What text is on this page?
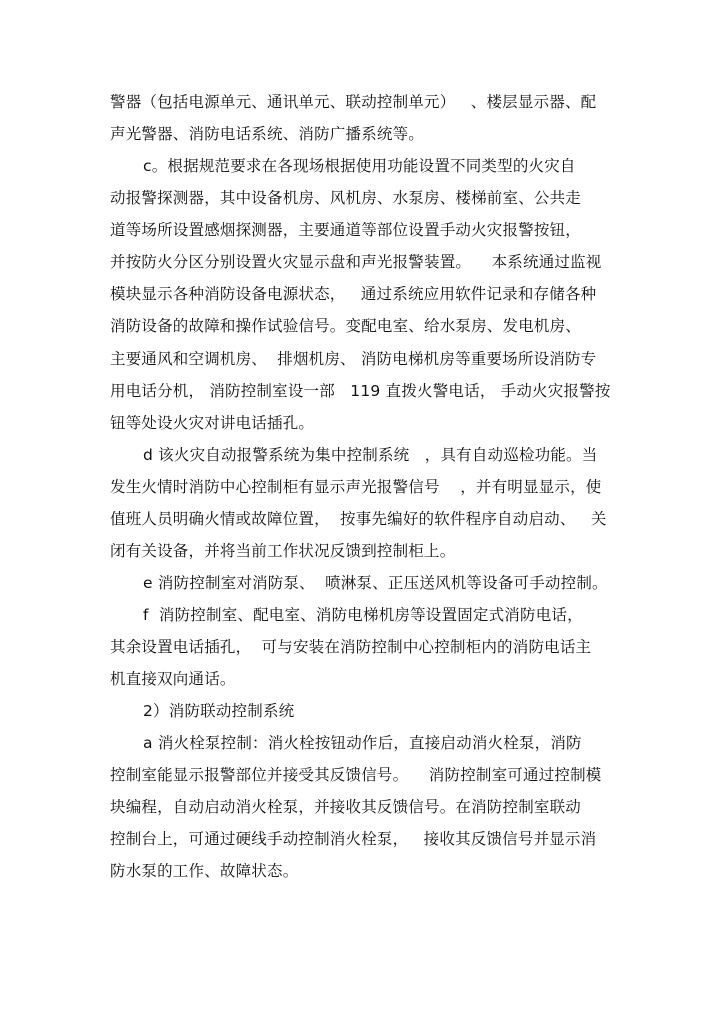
警器（包括电源单元、通讯单元、联动控制单元）   、楼层显示器、配
声光警器、消防电话系统、消防广播系统等。
c。根据规范要求在各现场根据使用功能设置不同类型的火灾自
动报警探测器，其中设备机房、风机房、水泵房、楼梯前室、公共走
道等场所设置感烟探测器，主要通道等部位设置手动火灾报警按钮，
并按防火分区分别设置火灾显示盘和声光报警装置。    本系统通过监视
模块显示各种消防设备电源状态，   通过系统应用软件记录和存储各种
消防设备的故障和操作试验信号。变配电室、给水泵房、发电机房、
主要通风和空调机房、  排烟机房、 消防电梯机房等重要场所设消防专
用电话分机， 消防控制室设一部   119 直拨火警电话， 手动火灾报警按
钮等处设火灾对讲电话插孔。
d 该火灾自动报警系统为集中控制系统   ，具有自动巡检功能。当
发生火情时消防中心控制柜有显示声光报警信号    ，并有明显显示，使
值班人员明确火情或故障位置，  按事先编好的软件程序自动启动、   关
闭有关设备，并将当前工作状况反馈到控制柜上。
e 消防控制室对消防泵、  喷淋泵、正压送风机等设备可手动控制。
f  消防控制室、配电室、消防电梯机房等设置固定式消防电话，
其余设置电话插孔，  可与安装在消防控制中心控制柜内的消防电话主
机直接双向通话。
2）消防联动控制系统
a 消火栓泵控制：消火栓按钮动作后，直接启动消火栓泵，消防
控制室能显示报警部位并接受其反馈信号。    消防控制室可通过控制模
块编程，自动启动消火栓泵，并接收其反馈信号。在消防控制室联动
控制台上，可通过硬线手动控制消火栓泵，   接收其反馈信号并显示消
防水泵的工作、故障状态。
